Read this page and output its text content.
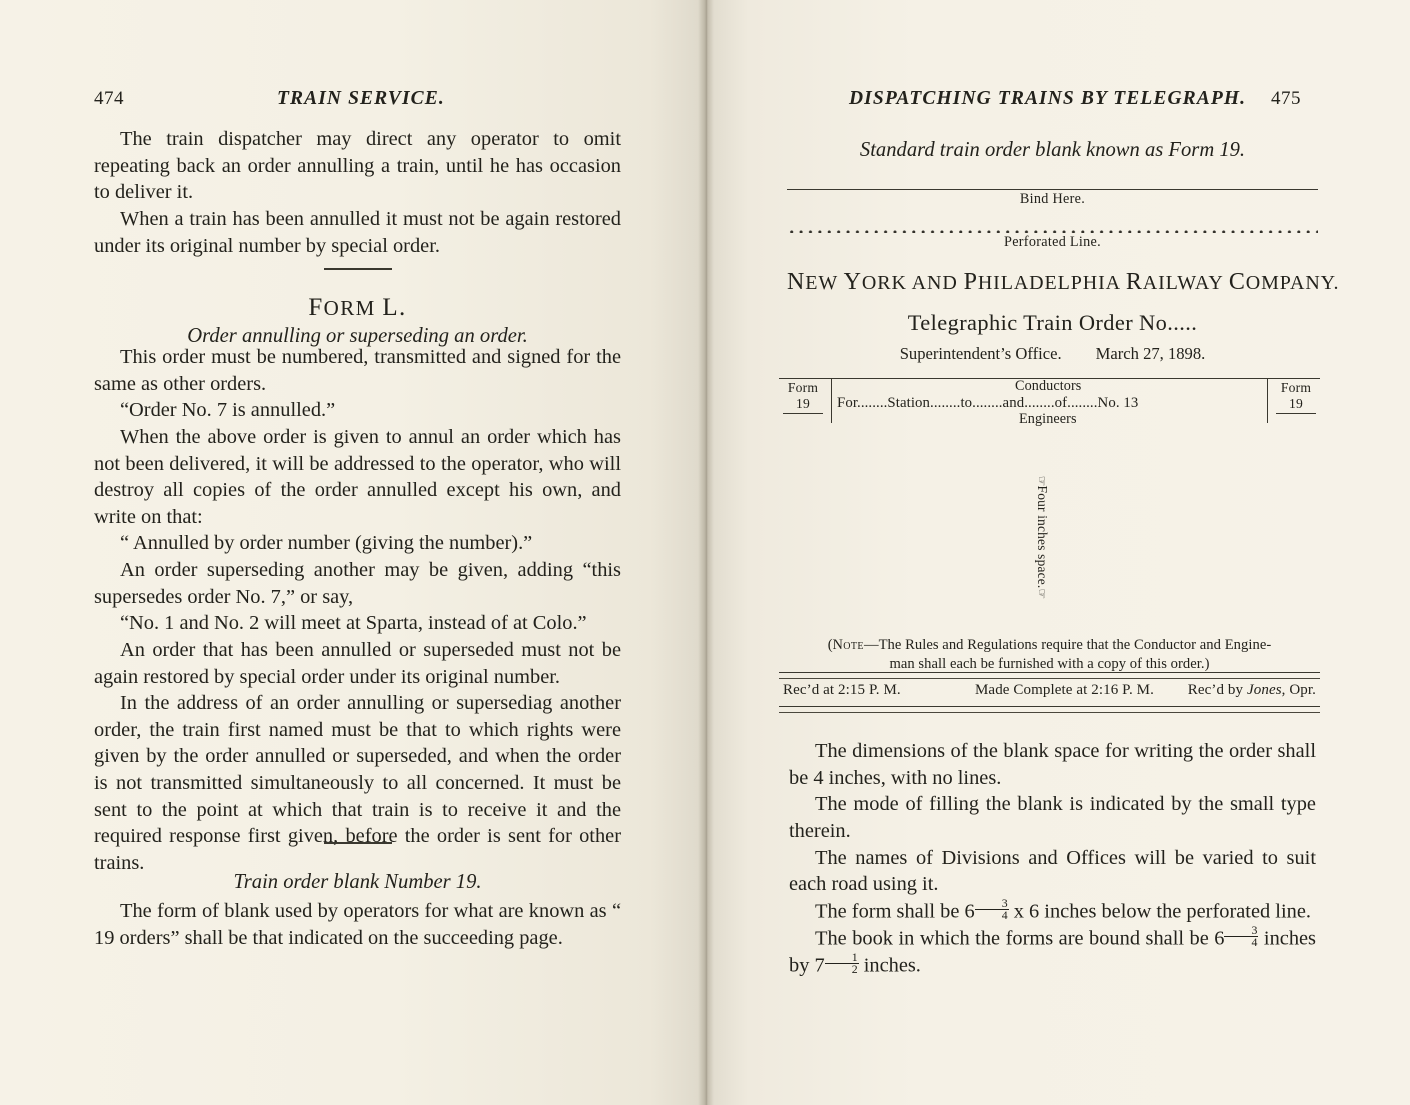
474	TRAIN SERVICE.

The train dispatcher may direct any operator to omit repeating back an order annulling a train, until he has occasion to deliver it.

When a train has been annulled it must not be again restored under its original number by special order.

FORM L.
Order annulling or superseding an order.

This order must be numbered, transmitted and signed for the same as other orders.

“Order No. 7 is annulled.”

When the above order is given to annul an order which has not been delivered, it will be addressed to the operator, who will destroy all copies of the order annulled except his own, and write on that:

“ Annulled by order number (giving the number).”

An order superseding another may be given, adding “this supersedes order No. 7,” or say,

“No. 1 and No. 2 will meet at Sparta, instead of at Colo.”

An order that has been annulled or superseded must not be again restored by special order under its original number.

In the address of an order annulling or supersediag another order, the train first named must be that to which rights were given by the order annulled or superseded, and when the order is not transmitted simultaneously to all concerned. It must be sent to the point at which that train is to receive it and the required response first given, before the order is sent for other trains.

Train order blank Number 19.

The form of blank used by operators for what are known as “ 19 orders” shall be that indicated on the succeeding page.

DISPATCHING TRAINS BY TELEGRAPH. 475
Standard train order blank known as Form 19.
Bind Here.
Perforated Line.
NEW YORK AND PHILADELPHIA RAILWAY COMPANY.
Telegraphic Train Order No.....
Superintendent’s Office. March 27, 1898.
Form
19
Conductors
For........Station........to........and........of........No. 13
Engineers
Form
19
☞Four inches space.☞
(Note—The Rules and Regulations require that the Conductor and Engine-
man shall each be furnished with a copy of this order.)
Rec’d at 2:15 P. M.	Made Complete at 2:16 P. M. Rec’d by Jones, Opr.

The dimensions of the blank space for writing the order shall be 4 inches, with no lines.

The mode of filling the blank is indicated by the small type therein.

The names of Divisions and Offices will be varied to suit each road using it.

The form shall be $6 \frac{3}{4}$ x 6 inches below the perforated line.

The book in which the forms are bound shall be $6 \frac{3}{4}$ inches by $7 \frac{1}{2}$ inches.
